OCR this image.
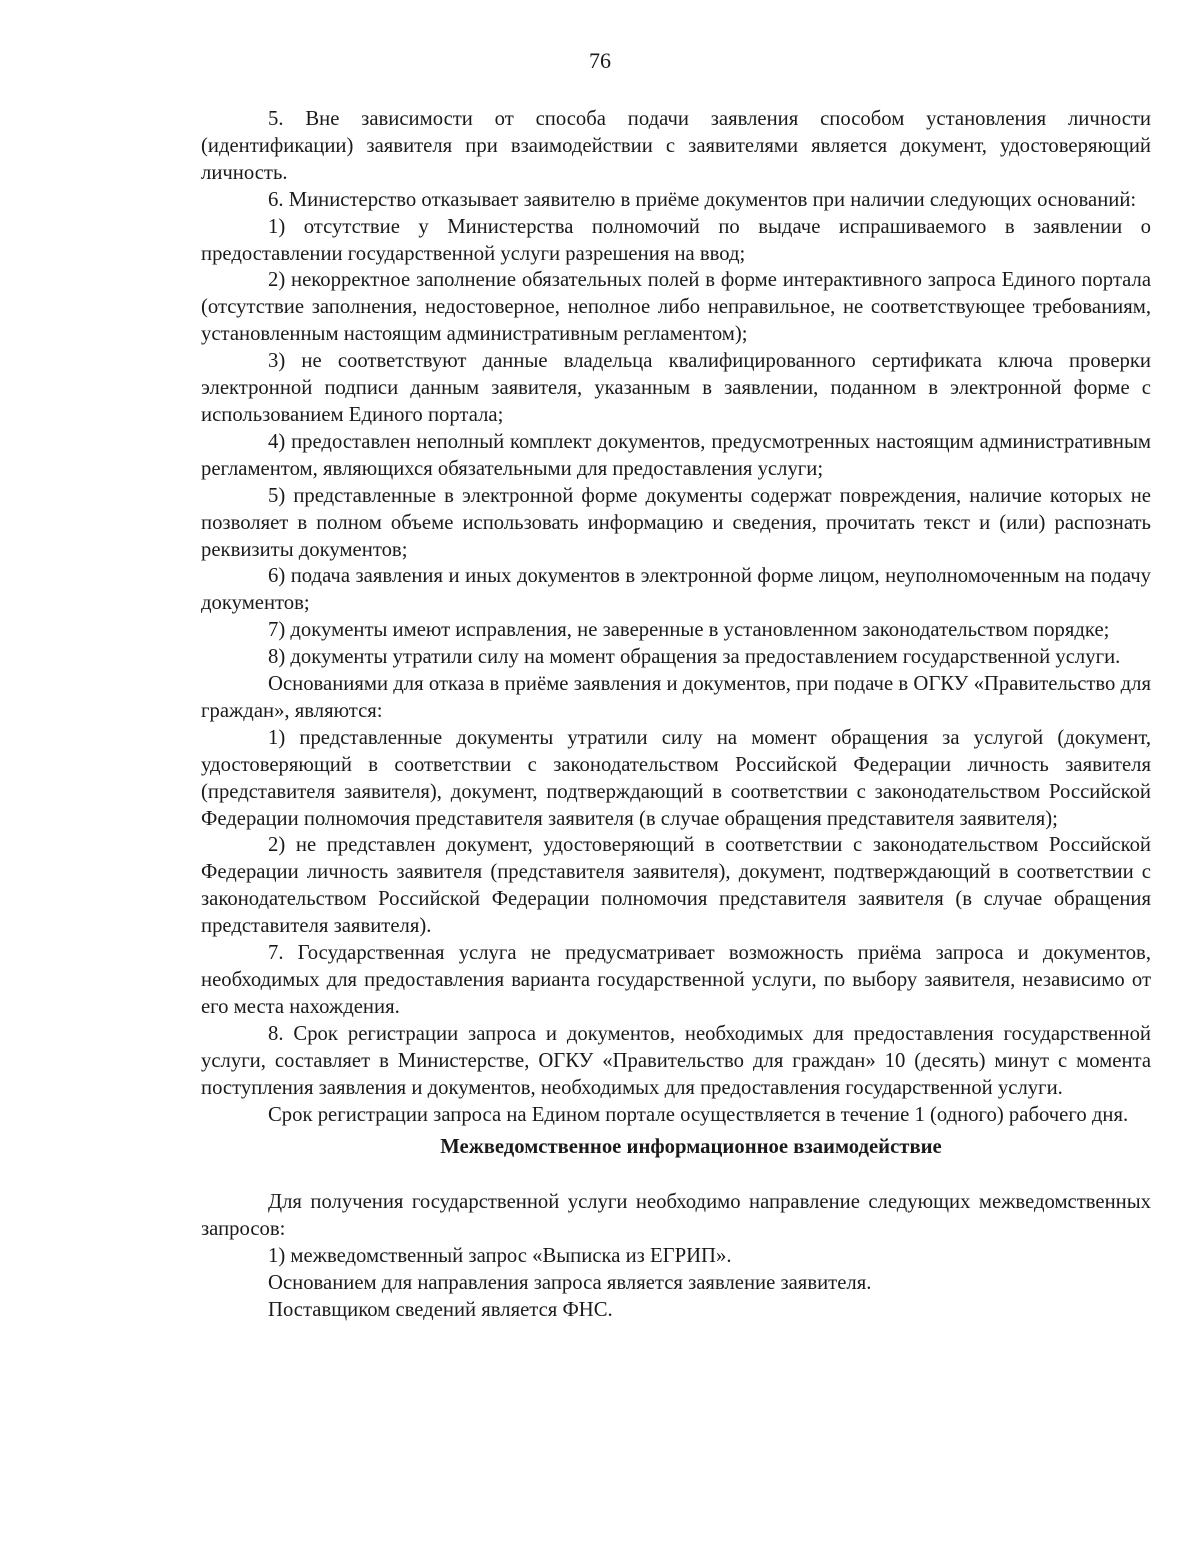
76

5. Вне зависимости от способа подачи заявления способом установления личности (идентификации) заявителя при взаимодействии с заявителями является документ, удостоверяющий личность.

6. Министерство отказывает заявителю в приёме документов при наличии следующих оснований:

1) отсутствие у Министерства полномочий по выдаче испрашиваемого в заявлении о предоставлении государственной услуги разрешения на ввод;

2) некорректное заполнение обязательных полей в форме интерактивного запроса Единого портала (отсутствие заполнения, недостоверное, неполное либо неправильное, не соответствующее требованиям, установленным настоящим административным регламентом);

3) не соответствуют данные владельца квалифицированного сертификата ключа проверки электронной подписи данным заявителя, указанным в заявлении, поданном в электронной форме с использованием Единого портала;

4) предоставлен неполный комплект документов, предусмотренных настоящим административным регламентом, являющихся обязательными для предоставления услуги;

5) представленные в электронной форме документы содержат повреждения, наличие которых не позволяет в полном объеме использовать информацию и сведения, прочитать текст и (или) распознать реквизиты документов;

6) подача заявления и иных документов в электронной форме лицом, неуполномоченным на подачу документов;

7) документы имеют исправления, не заверенные в установленном законодательством порядке;

8) документы утратили силу на момент обращения за предоставлением государственной услуги.

Основаниями для отказа в приёме заявления и документов, при подаче в ОГКУ «Правительство для граждан», являются:

1) представленные документы утратили силу на момент обращения за услугой (документ, удостоверяющий в соответствии с законодательством Российской Федерации личность заявителя (представителя заявителя), документ, подтверждающий в соответствии с законодательством Российской Федерации полномочия представителя заявителя (в случае обращения представителя заявителя);

2) не представлен документ, удостоверяющий в соответствии с законодательством Российской Федерации личность заявителя (представителя заявителя), документ, подтверждающий в соответствии с законодательством Российской Федерации полномочия представителя заявителя (в случае обращения представителя заявителя).

7. Государственная услуга не предусматривает возможность приёма запроса и документов, необходимых для предоставления варианта государственной услуги, по выбору заявителя, независимо от его места нахождения.

8. Срок регистрации запроса и документов, необходимых для предоставления государственной услуги, составляет в Министерстве, ОГКУ «Правительство для граждан» 10 (десять) минут с момента поступления заявления и документов, необходимых для предоставления государственной услуги.

Срок регистрации запроса на Едином портале осуществляется в течение 1 (одного) рабочего дня.

Межведомственное информационное взаимодействие

Для получения государственной услуги необходимо направление следующих межведомственных запросов:

1) межведомственный запрос «Выписка из ЕГРИП».

Основанием для направления запроса является заявление заявителя.

Поставщиком сведений является ФНС.
